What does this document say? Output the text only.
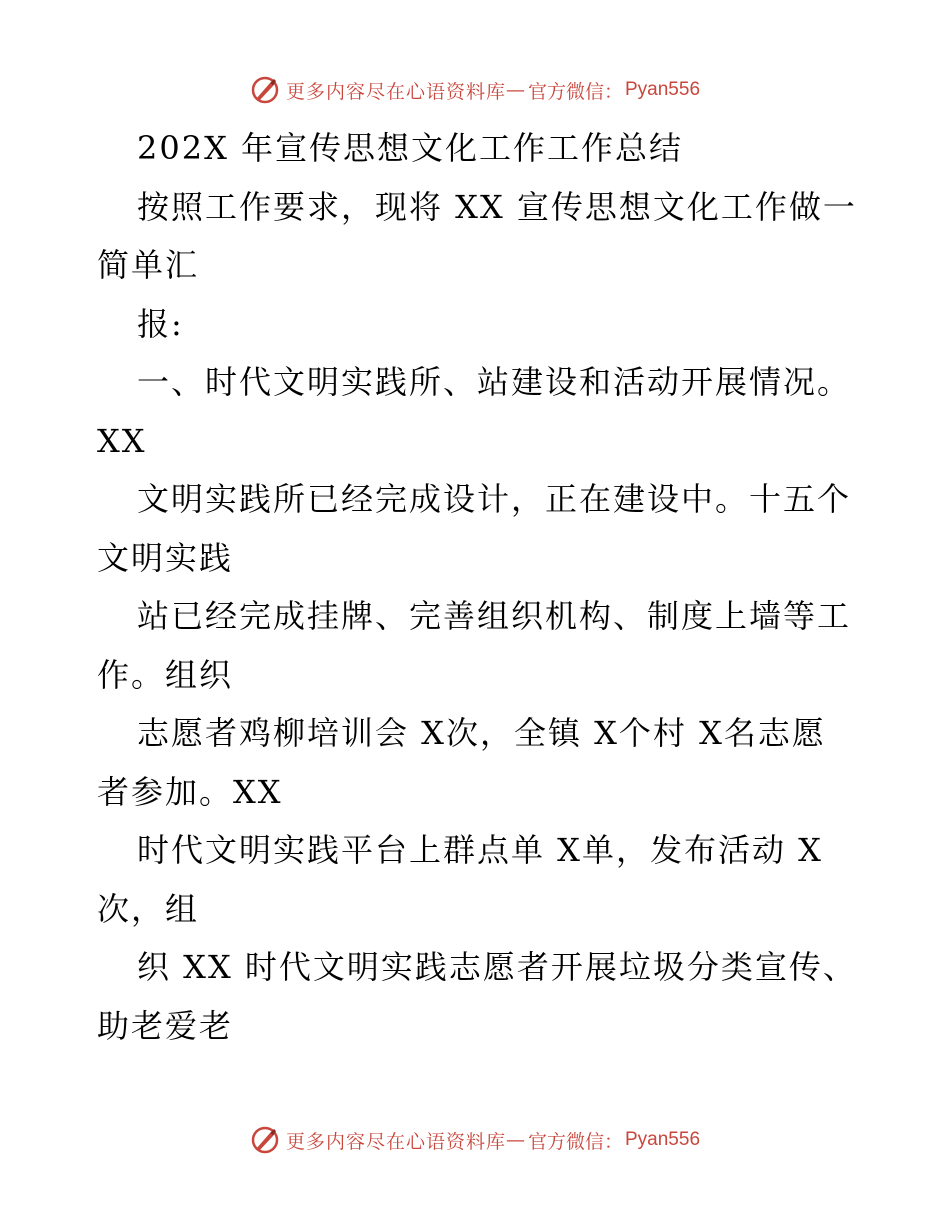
更多内容尽在心语资料库 — 官方微信： Pyan556
202X 年宣传思想文化工作工作总结
按照工作要求，现将 XX 宣传思想文化工作做一
简单汇
报:
一、时代文明实践所、站建设和活动开展情况。
XX
文明实践所已经完成设计，正在建设中。十五个
文明实践
站已经完成挂牌、完善组织机构、制度上墙等工
作。组织
志愿者鸡柳培训会 X次，全镇 X个村 X名志愿
者参加。XX
时代文明实践平台上群点单 X单，发布活动 X
次，组
织 XX 时代文明实践志愿者开展垃圾分类宣传、
助老爱老
更多内容尽在心语资料库 — 官方微信： Pyan556
